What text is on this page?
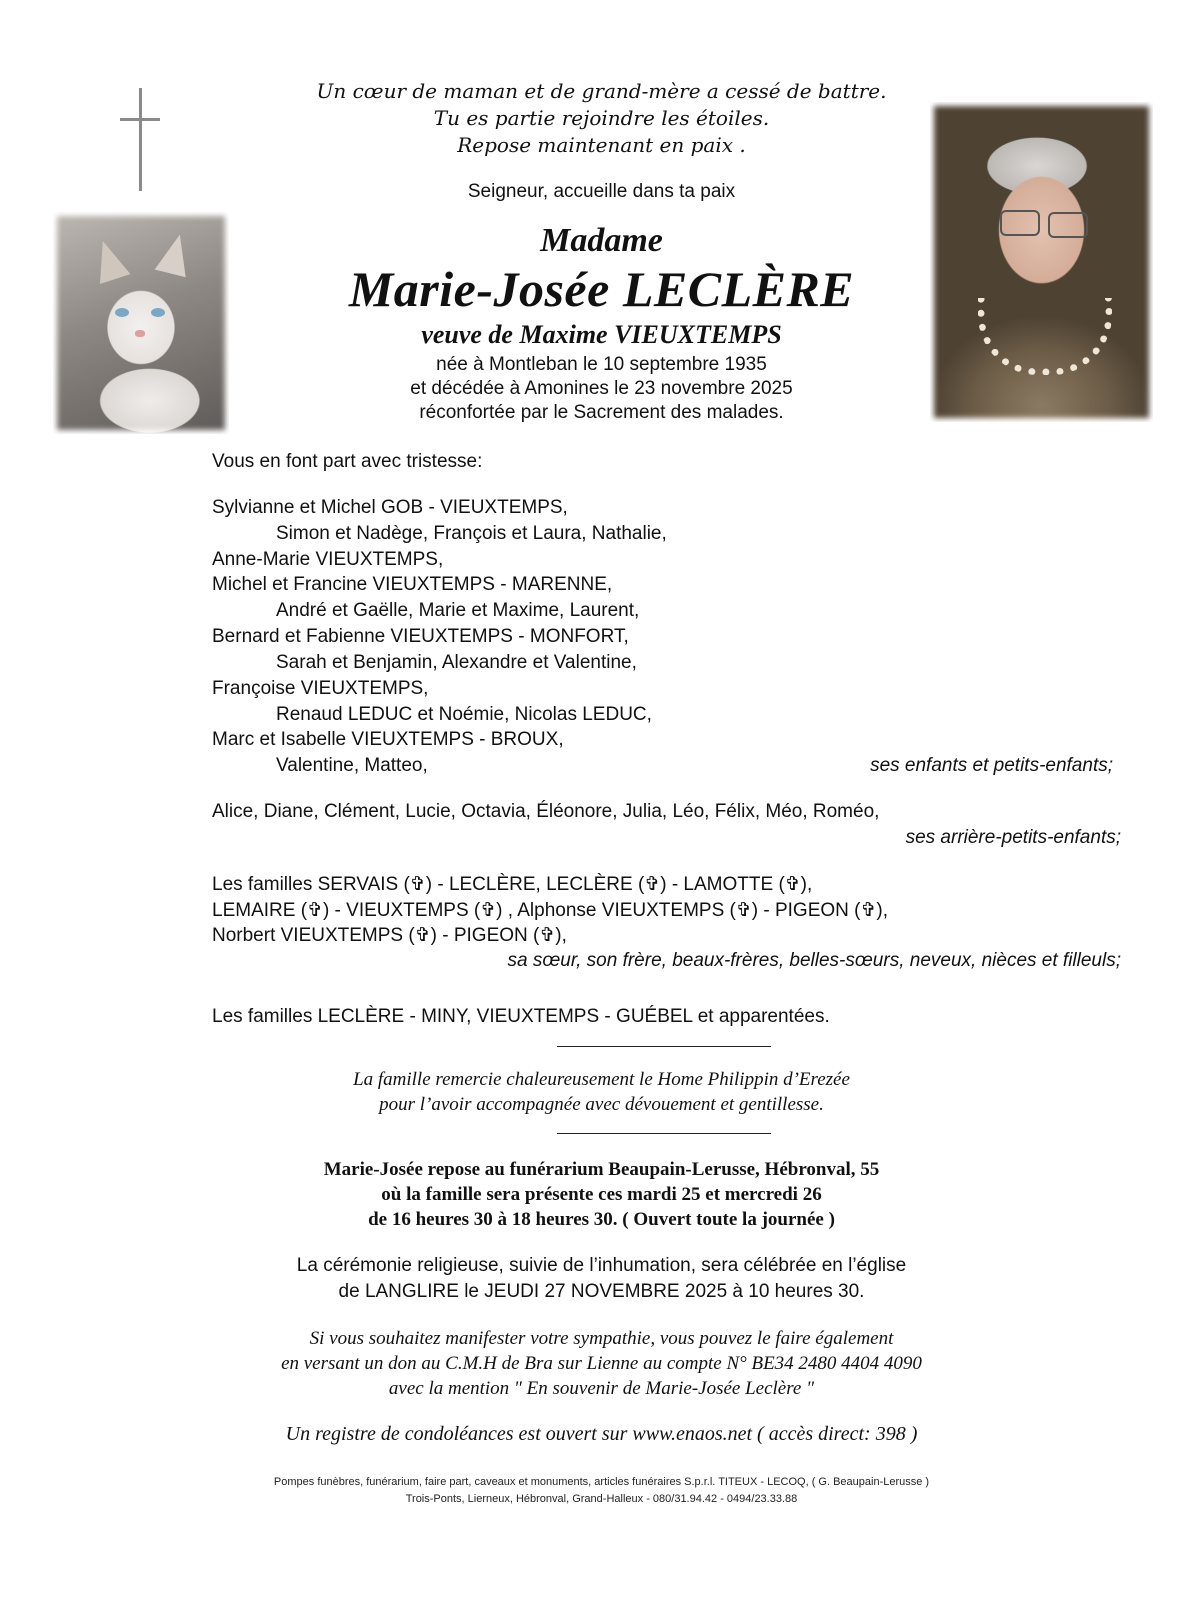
Un cœur de maman et de grand-mère a cessé de battre.
Tu es partie rejoindre les étoiles.
Repose maintenant en paix .
Seigneur, accueille dans ta paix
Madame
Marie-Josée LECLÈRE
veuve de Maxime VIEUXTEMPS
née à Montleban le 10 septembre 1935
et décédée à Amonines le 23 novembre 2025
réconfortée par le Sacrement des malades.
Vous en font part avec tristesse:
Sylvianne et Michel GOB - VIEUXTEMPS,
Simon et Nadège, François et Laura, Nathalie,
Anne-Marie VIEUXTEMPS,
Michel et Francine VIEUXTEMPS - MARENNE,
André et Gaëlle, Marie et Maxime, Laurent,
Bernard et Fabienne VIEUXTEMPS - MONFORT,
Sarah et Benjamin, Alexandre et Valentine,
Françoise VIEUXTEMPS,
Renaud LEDUC et Noémie, Nicolas LEDUC,
Marc et Isabelle VIEUXTEMPS - BROUX,
Valentine, Matteo,	ses enfants et petits-enfants;
Alice, Diane, Clément, Lucie, Octavia, Éléonore, Julia, Léo, Félix, Méo, Roméo,
ses arrière-petits-enfants;
Les familles SERVAIS (✞) - LECLÈRE, LECLÈRE (✞) - LAMOTTE (✞),
LEMAIRE (✞) - VIEUXTEMPS (✞) , Alphonse VIEUXTEMPS (✞) - PIGEON (✞),
Norbert VIEUXTEMPS (✞) - PIGEON (✞),
sa sœur, son frère, beaux-frères, belles-sœurs, neveux, nièces et filleuls;
Les familles LECLÈRE - MINY, VIEUXTEMPS - GUÉBEL et apparentées.
La famille remercie chaleureusement le Home Philippin d’Erezée
pour l’avoir accompagnée avec dévouement et gentillesse.
Marie-Josée repose au funérarium Beaupain-Lerusse, Hébronval, 55
où la famille sera présente ces mardi 25 et mercredi 26
de 16 heures 30 à 18 heures 30. ( Ouvert toute la journée )
La cérémonie religieuse, suivie de l’inhumation, sera célébrée en l’église
de LANGLIRE le JEUDI 27 NOVEMBRE 2025 à 10 heures 30.
Si vous souhaitez manifester votre sympathie, vous pouvez le faire également
en versant un don au C.M.H de Bra sur Lienne au compte N° BE34 2480 4404 4090
avec la mention " En souvenir de Marie-Josée Leclère "
Un registre de condoléances est ouvert sur www.enaos.net ( accès direct: 398 )
Pompes funèbres, funérarium, faire part, caveaux et monuments, articles funéraires S.p.r.l. TITEUX - LECOQ, ( G. Beaupain-Lerusse )
Trois-Ponts, Lierneux, Hébronval, Grand-Halleux - 080/31.94.42 - 0494/23.33.88
